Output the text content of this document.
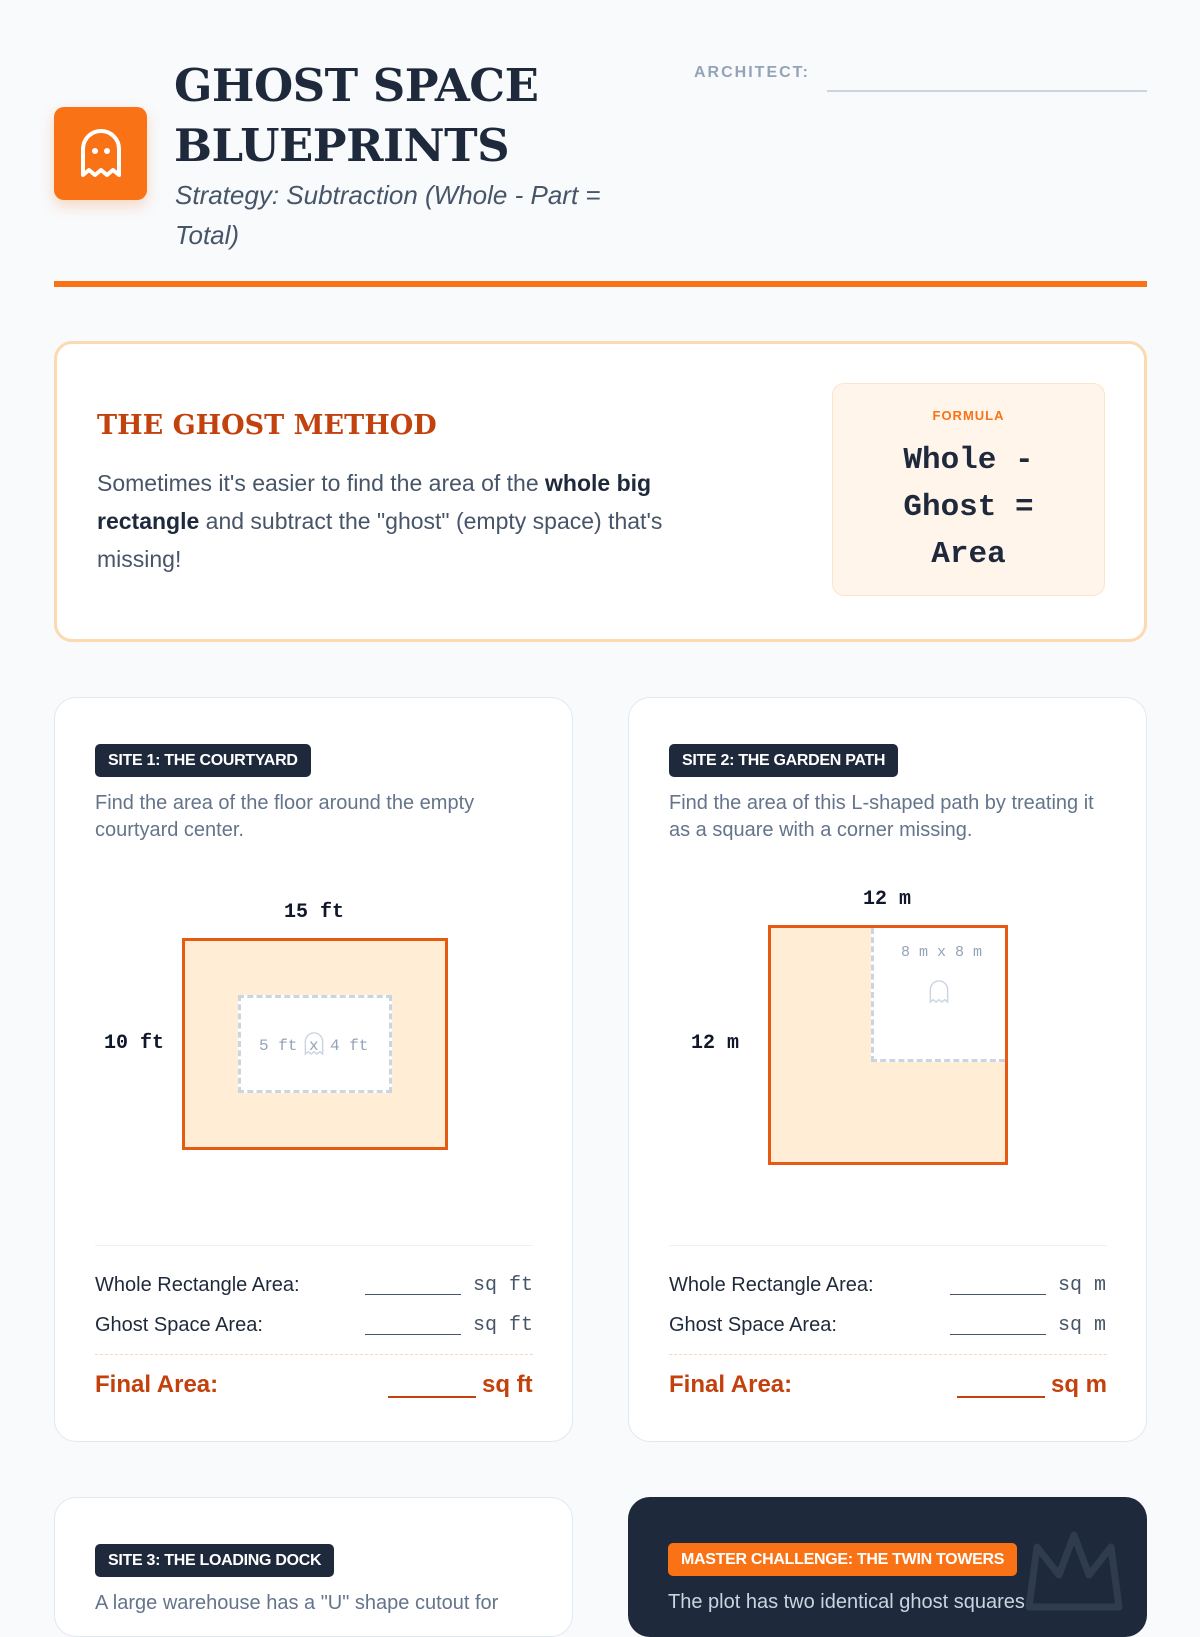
GHOST SPACE
BLUEPRINTS
Strategy: Subtraction (Whole - Part = Total)
ARCHITECT:
THE GHOST METHOD
Sometimes it's easier to find the area of the whole big rectangle and subtract the "ghost" (empty space) that's missing!
FORMULA
Whole - Ghost = Area
SITE 1: THE COURTYARD
Find the area of the floor around the empty courtyard center.
15 ft
10 ft	5 ft x 4 ft
Whole Rectangle Area:	sq ft
Ghost Space Area:	sq ft
Final Area:	sq ft
SITE 2: THE GARDEN PATH
Find the area of this L-shaped path by treating it as a square with a corner missing.
12 m
12 m
8 m x 8 m
Whole Rectangle Area:	sq m
Ghost Space Area:	sq m
Final Area:	sq m
SITE 3: THE LOADING DOCK
A large warehouse has a "U" shape cutout for
MASTER CHALLENGE: THE TWIN TOWERS
The plot has two identical ghost squares
